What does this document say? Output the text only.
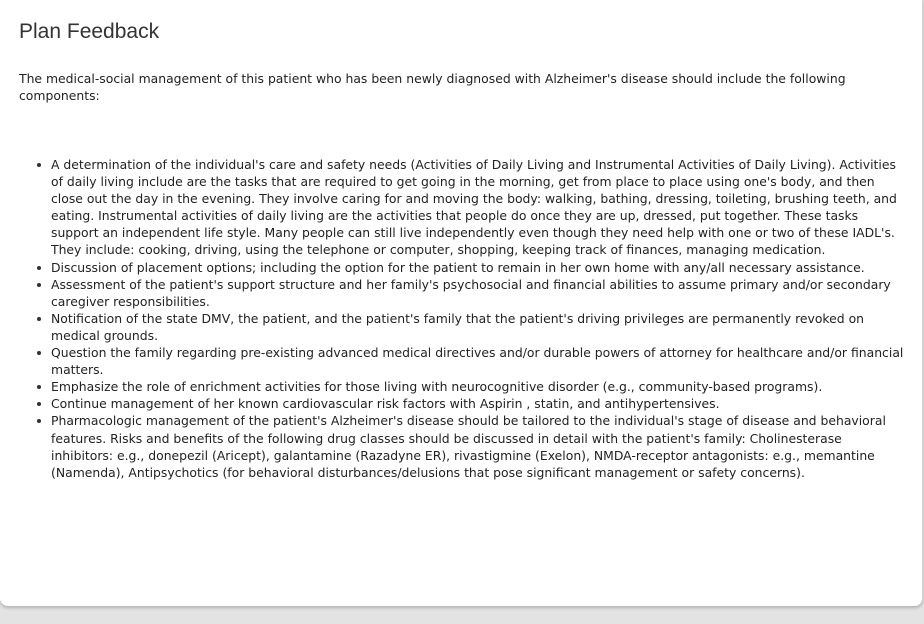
Plan Feedback

The medical-social management of this patient who has been newly diagnosed with Alzheimer's disease should include the following components:

A determination of the individual's care and safety needs (Activities of Daily Living and Instrumental Activities of Daily Living). Activities of daily living include are the tasks that are required to get going in the morning, get from place to place using one's body, and then close out the day in the evening. They involve caring for and moving the body: walking, bathing, dressing, toileting, brushing teeth, and eating. Instrumental activities of daily living are the activities that people do once they are up, dressed, put together. These tasks support an independent life style. Many people can still live independently even though they need help with one or two of these IADL's. They include: cooking, driving, using the telephone or computer, shopping, keeping track of finances, managing medication.
Discussion of placement options; including the option for the patient to remain in her own home with any/all necessary assistance.
Assessment of the patient's support structure and her family's psychosocial and financial abilities to assume primary and/or secondary caregiver responsibilities.
Notification of the state DMV, the patient, and the patient's family that the patient's driving privileges are permanently revoked on medical grounds.
Question the family regarding pre-existing advanced medical directives and/or durable powers of attorney for healthcare and/or financial matters.
Emphasize the role of enrichment activities for those living with neurocognitive disorder (e.g., community-based programs).
Continue management of her known cardiovascular risk factors with Aspirin , statin, and antihypertensives.
Pharmacologic management of the patient's Alzheimer's disease should be tailored to the individual's stage of disease and behavioral features. Risks and benefits of the following drug classes should be discussed in detail with the patient's family: Cholinesterase inhibitors: e.g., donepezil (Aricept), galantamine (Razadyne ER), rivastigmine (Exelon), NMDA-receptor antagonists: e.g., memantine (Namenda), Antipsychotics (for behavioral disturbances/delusions that pose significant management or safety concerns).
